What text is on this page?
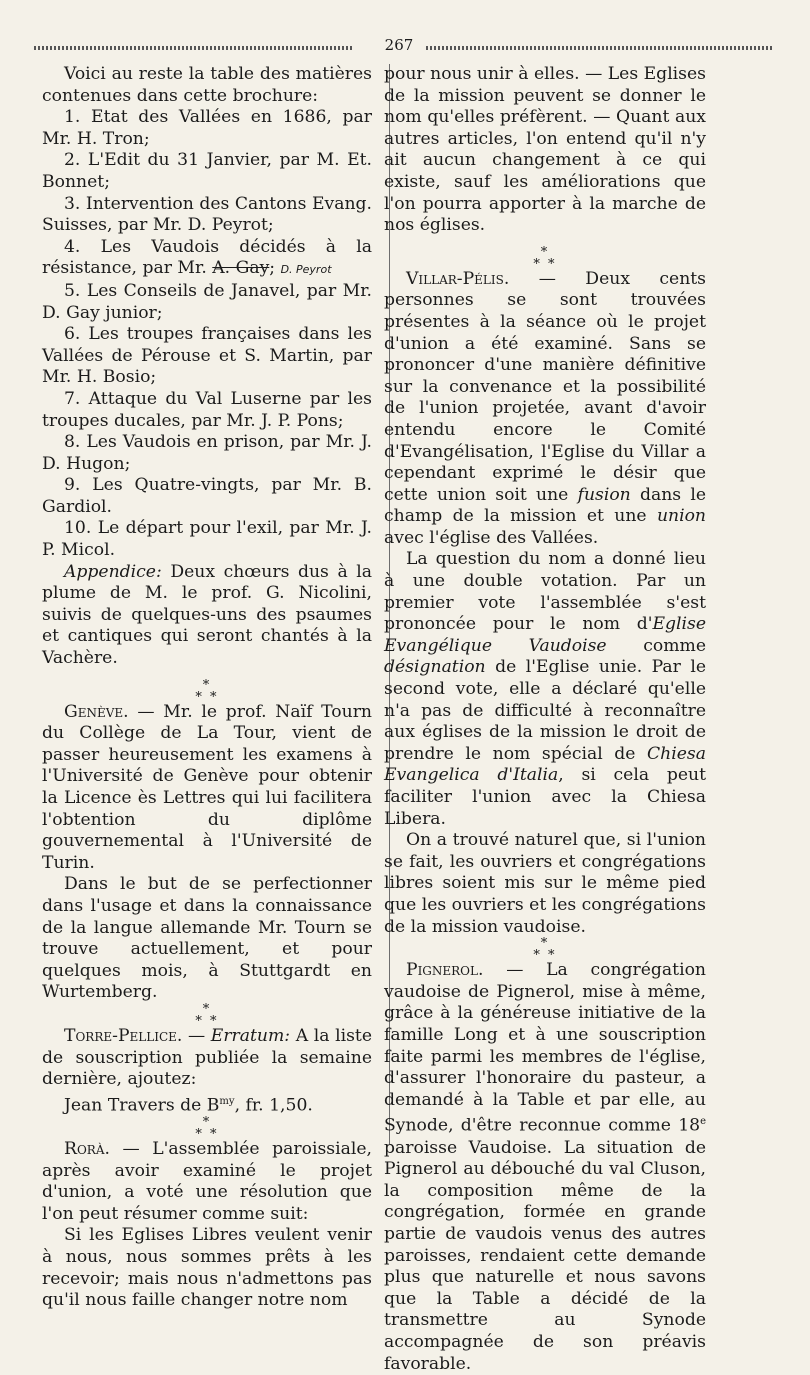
267

Voici au reste la table des matières contenues dans cette brochure:

1. Etat des Vallées en 1686, par Mr. H. Tron;

2. L'Edit du 31 Janvier, par M. Et. Bonnet;

3. Intervention des Cantons Evang. Suisses, par Mr. D. Peyrot;

4. Les Vaudois décidés à la résistance, par Mr. A. Gay; D. Peyrot

5. Les Conseils de Janavel, par Mr. D. Gay junior;

6. Les troupes françaises dans les Vallées de Pérouse et S. Martin, par Mr. H. Bosio;

7. Attaque du Val Luserne par les troupes ducales, par Mr. J. P. Pons;

8. Les Vaudois en prison, par Mr. J. D. Hugon;

9. Les Quatre-vingts, par Mr. B. Gardiol.

10. Le départ pour l'exil, par Mr. J. P. Micol.

Appendice: Deux chœurs dus à la plume de M. le prof. G. Nicolini, suivis de quelques-uns des psaumes et cantiques qui seront chantés à la Vachère.

*
* *

Genève. — Mr. le prof. Naïf Tourn du Collège de La Tour, vient de passer heureusement les examens à l'Université de Genève pour obtenir la Licence ès Lettres qui lui facilitera l'obtention du diplôme gouvernemental à l'Université de Turin.

Dans le but de se perfectionner dans l'usage et dans la connaissance de la langue allemande Mr. Tourn se trouve actuellement, et pour quelques mois, à Stuttgardt en Wurtemberg.

*
* *

Torre-Pellice. — Erratum: A la liste de souscription publiée la semaine dernière, ajoutez:

Jean Travers de $B^{my}$, fr. 1,50.

*
* *

Rorà. — L'assemblée paroissiale, après avoir examiné le projet d'union, a voté une résolution que l'on peut résumer comme suit:

Si les Eglises Libres veulent venir à nous, nous sommes prêts à les recevoir; mais nous n'admettons pas qu'il nous faille changer notre nom

pour nous unir à elles. — Les Eglises de la mission peuvent se donner le nom qu'elles préfèrent. — Quant aux autres articles, l'on entend qu'il n'y ait aucun changement à ce qui existe, sauf les améliorations que l'on pourra apporter à la marche de nos églises.

*
* *

Villar-Pélis. — Deux cents personnes se sont trouvées présentes à la séance où le projet d'union a été examiné. Sans se prononcer d'une manière définitive sur la convenance et la possibilité de l'union projetée, avant d'avoir entendu encore le Comité d'Evangélisation, l'Eglise du Villar a cependant exprimé le désir que cette union soit une fusion dans le champ de la mission et une union avec l'église des Vallées.

La question du nom a donné lieu à une double votation. Par un premier vote l'assemblée s'est prononcée pour le nom d'Eglise Evangélique Vaudoise comme désignation de l'Eglise unie. Par le second vote, elle a déclaré qu'elle n'a pas de difficulté à reconnaître aux églises de la mission le droit de prendre le nom spécial de Chiesa Evangelica d'Italia, si cela peut faciliter l'union avec la Chiesa Libera.

On a trouvé naturel que, si l'union se fait, les ouvriers et congrégations libres soient mis sur le même pied que les ouvriers et les congrégations de la mission vaudoise.

*
* *

Pignerol. — La congrégation vaudoise de Pignerol, mise à même, grâce à la généreuse initiative de la famille Long et à une souscription faite parmi les membres de l'église, d'assurer l'honoraire du pasteur, a demandé à la Table et par elle, au Synode, d'être reconnue comme 18e paroisse Vaudoise. La situation de Pignerol au débouché du val Cluson, la composition même de la congrégation, formée en grande partie de vaudois venus des autres paroisses, rendaient cette demande plus que naturelle et nous savons que la Table a décidé de la transmettre au Synode accompagnée de son préavis favorable.
